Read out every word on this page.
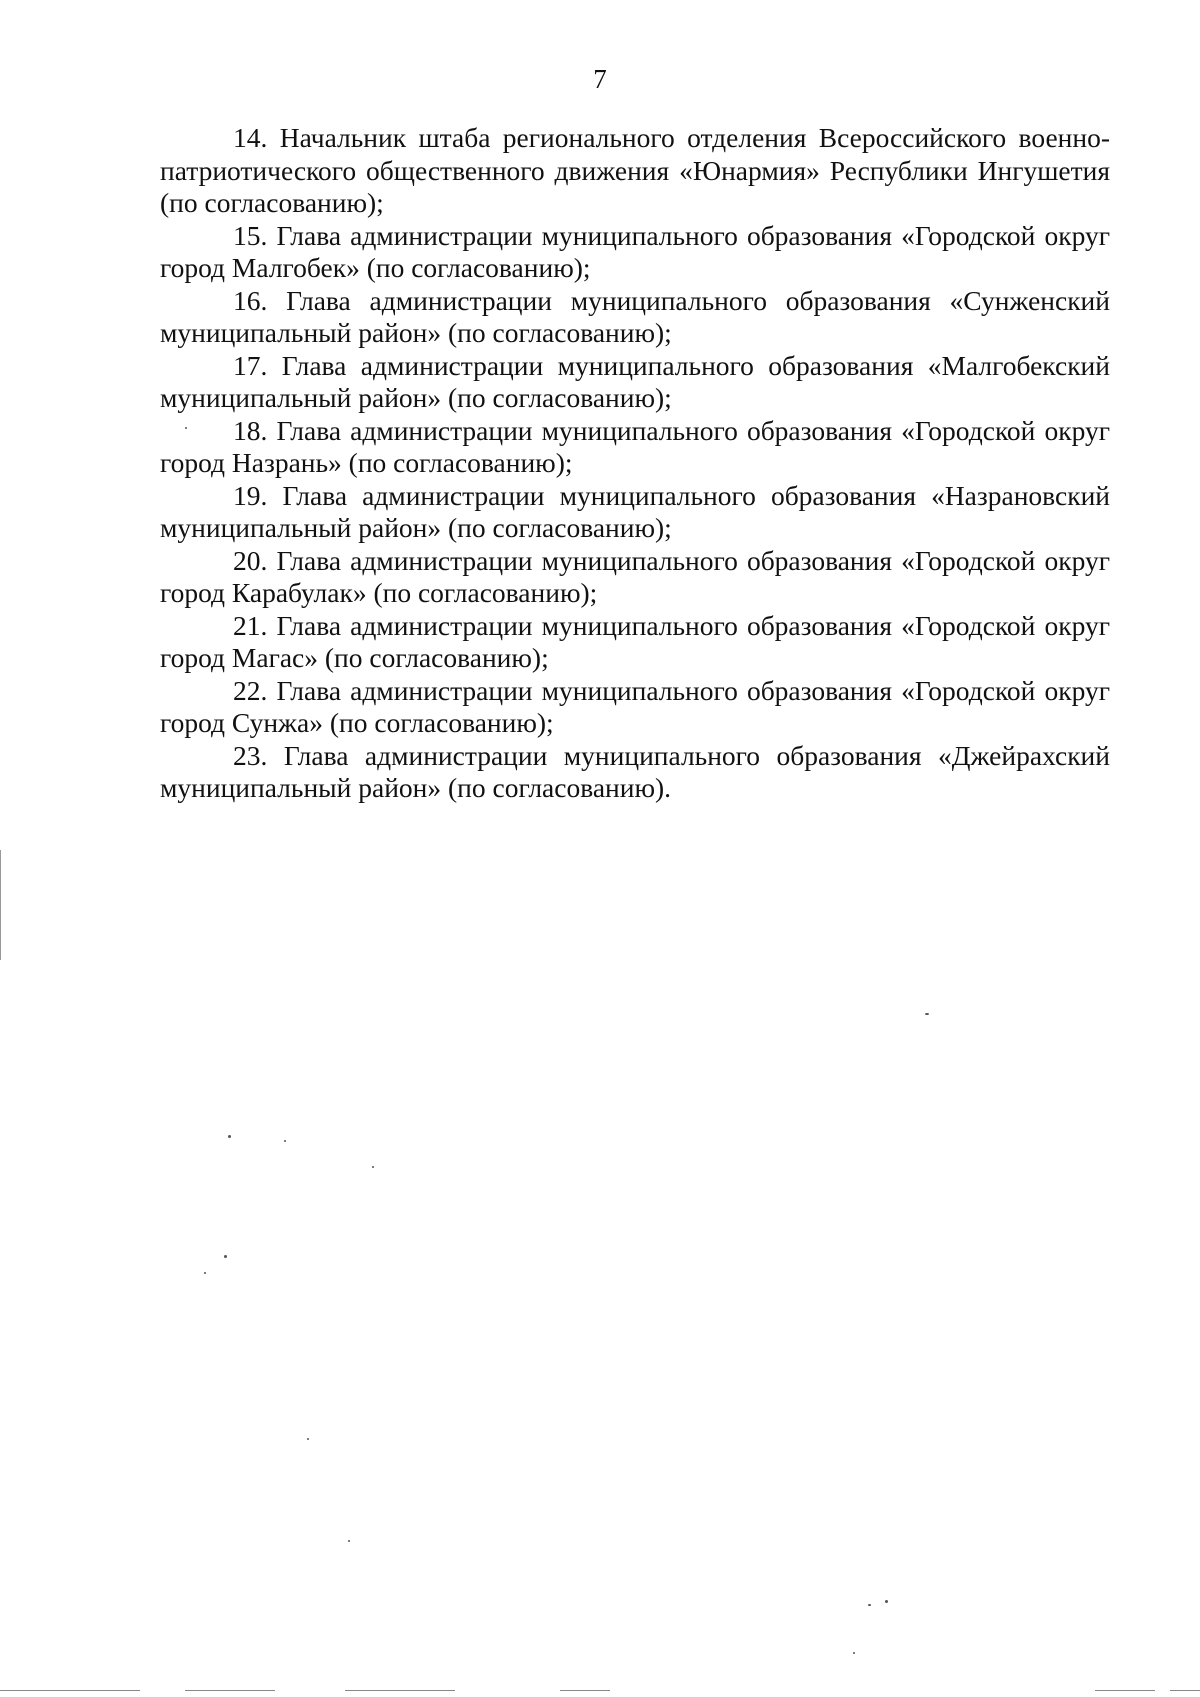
7

14. Начальник штаба регионального отделения Всероссийского военно-патриотического общественного движения «Юнармия» Республики Ингушетия (по согласованию);

15. Глава администрации муниципального образования «Городской округ город Малгобек» (по согласованию);

16. Глава администрации муниципального образования «Сунженский муниципальный район» (по согласованию);

17. Глава администрации муниципального образования «Малгобекский муниципальный район» (по согласованию);

18. Глава администрации муниципального образования «Городской округ город Назрань» (по согласованию);

19. Глава администрации муниципального образования «Назрановский муниципальный район» (по согласованию);

20. Глава администрации муниципального образования «Городской округ город Карабулак» (по согласованию);

21. Глава администрации муниципального образования «Городской округ город Магас» (по согласованию);

22. Глава администрации муниципального образования «Городской округ город Сунжа» (по согласованию);

23. Глава администрации муниципального образования «Джейрахский муниципальный район» (по согласованию).
